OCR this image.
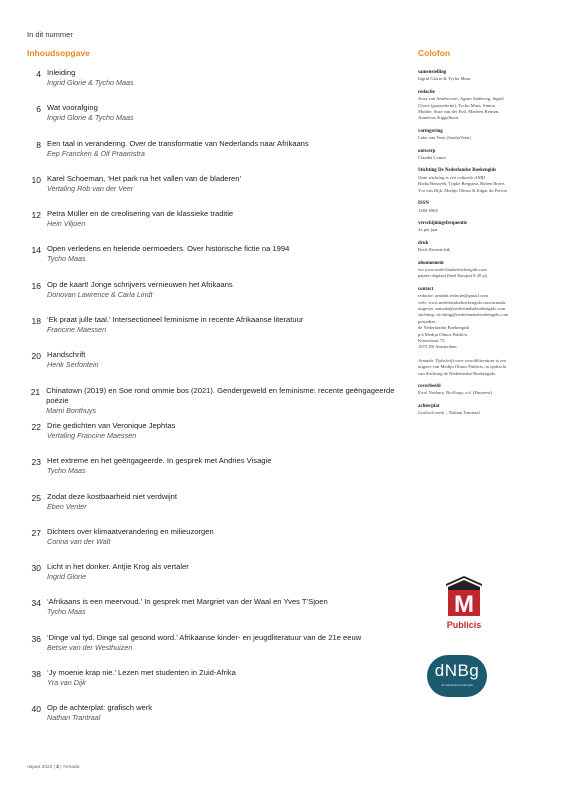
In dit nummer
Inhoudsopgave	Colofon
4 Inleiding
Ingrid Glorie & Tycho Maas
6 Wat voorafging
Ingrid Glorie & Tycho Maas
8 Een taal in verandering. Over de transformatie van Nederlands naar Afrikaans
Eep Francken & Olf Praamstra
10 Karel Schoeman, ‘Het park na het vallen van de bladeren’
Vertaling Rob van der Veer
12 Petra Müller en de creolisering van de klassieke traditie
Hein Viljoen
14 Open verledens en helende oermoeders. Over historische fictie na 1994
Tycho Maas
16 Op de kaart! Jonge schrijvers vernieuwen het Afrikaans
Donovan Lawrence & Carla Lindt
18 ‘Ek praat julle taal.’ Intersectioneel feminisme in recente Afrikaanse literatuur
Francine Maessen
20 Handschrift
Henk Serfontein
21 Chinatown (2019) en Soe rond ommie bos (2021). Gendergeweld en feminisme: recente geëngageerde poëzie
Marni Bonthuys
22 Drie gedichten van Veronique Jephtas
Vertaling Francine Maessen
23 Het extreme en het geëngageerde. In gesprek met Andries Visagie
Tycho Maas
25 Zodat deze kostbaarheid niet verdwijnt
Eben Venter
27 Dichters over klimaatverandering en milieuzorgen
Corina van der Walt
30 Licht in het donker. Antjie Krog als vertaler
Ingrid Glorie
34 ‘Afrikaans is een meervoud.’ In gesprek met Margriet van der Waal en Yves T’Sjoen
Tycho Maas
36 ‘Dinge val tyd. Dinge sal gesond word.’ Afrikaanse kinder- en jeugdliteratuur van de 21e eeuw
Betsie van der Westhuizen
38 ‘Jy moenie krap nie.’ Lezen met studenten in Zuid-Afrika
Yra van Dijk
40 Op de achterplat: grafisch werk
Nathan Trantraal
samenstelling
Ingrid Glorie & Tycho Maas
redactie
Jessa van Amelsvoort, Agnes Andeweg, Ingrid
Glorie (gastredactie), Tycho Maas, Simon
Mulder, Suze van der Poll, Marleen Rensen,
Annelous Stiggelbout
vormgeving
Luke van Veen (StudioVeen)
ontwerp
Claudia Comte
Stichting De Nederlandse Boekengids
Onze stichting is een culturele ANBI
Bodia Benayeb, Tjipke Bergsma, Ruben Brave,
Yra van Dijk, Medijn Olmos & Edgar du Perron
ISSN
1384-6965
verschijningsfrequentie
2x per jaar
druk
Rock Rosestichtk
abonnement
via www.nederlandseboekengids.com
papier+digitaal (heel Europa) € 20 p/j
contact
redactie: armada.redactie@gmail.com
web: www.nederlandseboekengids.com/armada
uitgever: armada@nederlandseboekengids.com
stichting: stichting@nederlandseboekengids.com
postadres:
de Nederlandse Boekengids
p/a Medijn Olmos Publicis
Kinsestraat 73
1075 DS Amsterdam
Armada. Tijdschrift voor wereldliteratuur is een
uitgave van Medijn Olmos Publicis, in opdracht
van Stichting de Nederlandse Boekengids.
coverbeeld
Errol Norbury, Bo-Kaap, z.d. (Pinterest)
achterplat
Grafisch werk – Nathan Trantraal
M
Publicis
dNBg
de nederlandse boekengids
najaar 2023 | 2 | Armada
